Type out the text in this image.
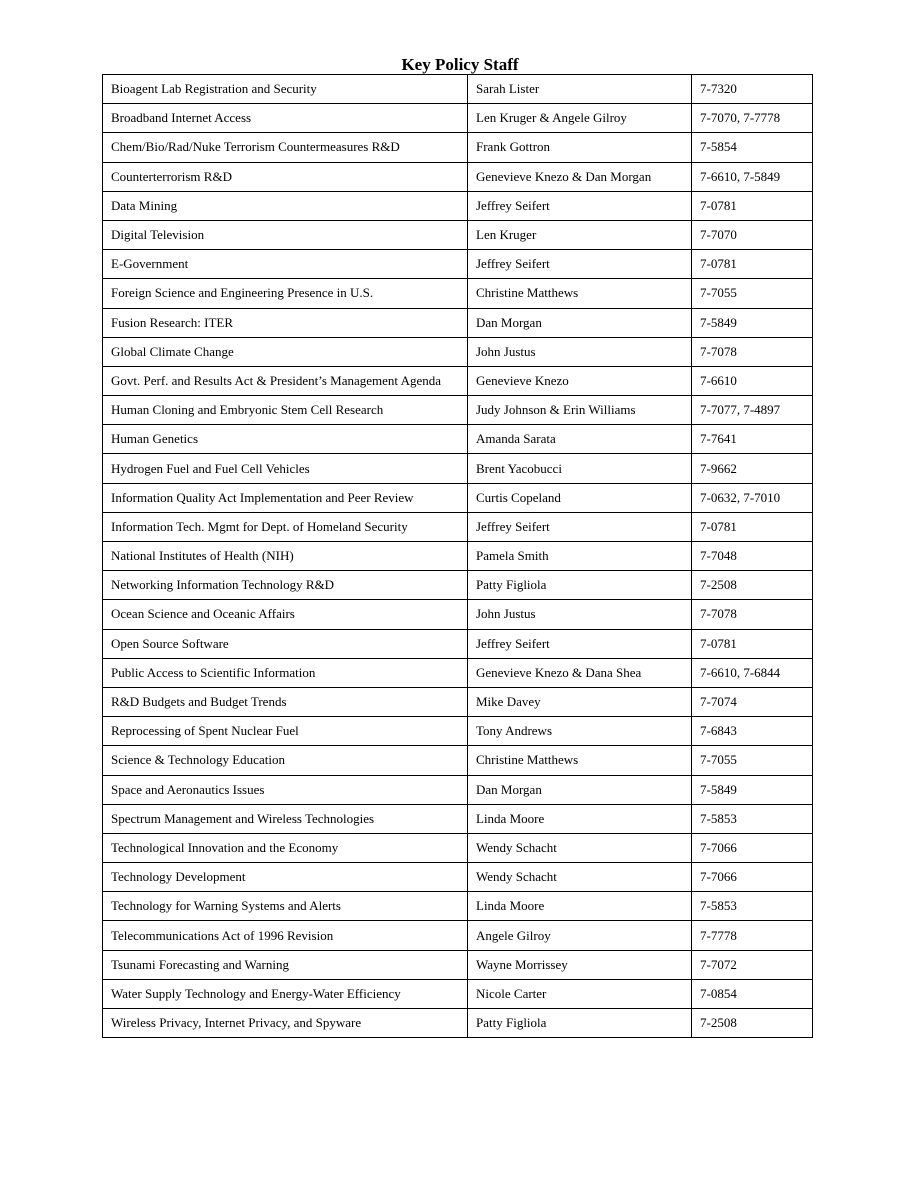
Key Policy Staff
Bioagent Lab Registration and Security	Sarah Lister	7-7320
Broadband Internet Access	Len Kruger & Angele Gilroy	7-7070, 7-7778
Chem/Bio/Rad/Nuke Terrorism Countermeasures R&D	Frank Gottron	7-5854
Counterterrorism R&D	Genevieve Knezo & Dan Morgan	7-6610, 7-5849
Data Mining	Jeffrey Seifert	7-0781
Digital Television	Len Kruger	7-7070
E-Government	Jeffrey Seifert	7-0781
Foreign Science and Engineering Presence in U.S.	Christine Matthews	7-7055
Fusion Research: ITER	Dan Morgan	7-5849
Global Climate Change	John Justus	7-7078
Govt. Perf. and Results Act & President’s Management Agenda	Genevieve Knezo	7-6610
Human Cloning and Embryonic Stem Cell Research	Judy Johnson & Erin Williams	7-7077, 7-4897
Human Genetics	Amanda Sarata	7-7641
Hydrogen Fuel and Fuel Cell Vehicles	Brent Yacobucci	7-9662
Information Quality Act Implementation and Peer Review	Curtis Copeland	7-0632, 7-7010
Information Tech. Mgmt for Dept. of Homeland Security	Jeffrey Seifert	7-0781
National Institutes of Health (NIH)	Pamela Smith	7-7048
Networking Information Technology R&D	Patty Figliola	7-2508
Ocean Science and Oceanic Affairs	John Justus	7-7078
Open Source Software	Jeffrey Seifert	7-0781
Public Access to Scientific Information	Genevieve Knezo & Dana Shea	7-6610, 7-6844
R&D Budgets and Budget Trends	Mike Davey	7-7074
Reprocessing of Spent Nuclear Fuel	Tony Andrews	7-6843
Science & Technology Education	Christine Matthews	7-7055
Space and Aeronautics Issues	Dan Morgan	7-5849
Spectrum Management and Wireless Technologies	Linda Moore	7-5853
Technological Innovation and the Economy	Wendy Schacht	7-7066
Technology Development	Wendy Schacht	7-7066
Technology for Warning Systems and Alerts	Linda Moore	7-5853
Telecommunications Act of 1996 Revision	Angele Gilroy	7-7778
Tsunami Forecasting and Warning	Wayne Morrissey	7-7072
Water Supply Technology and Energy-Water Efficiency	Nicole Carter	7-0854
Wireless Privacy, Internet Privacy, and Spyware	Patty Figliola	7-2508
